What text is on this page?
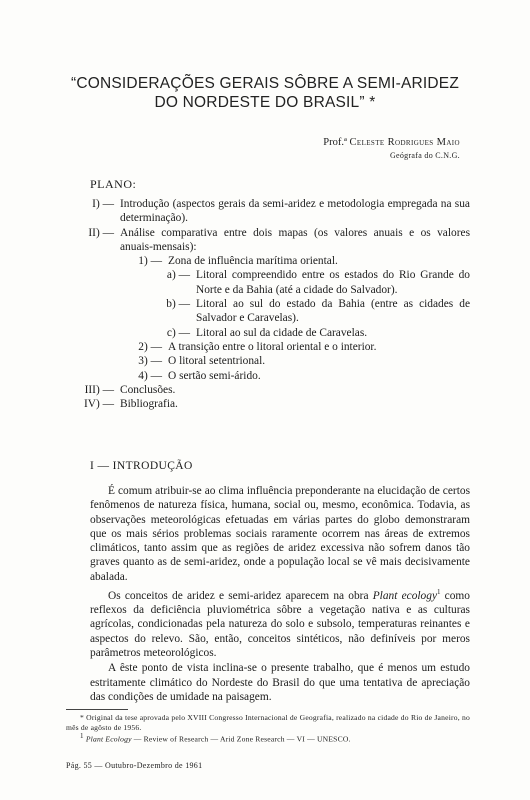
“CONSIDERAÇÕES GERAIS SÔBRE A SEMI-ARIDEZ
DO NORDESTE DO BRASIL” *
Prof.ª Celeste Rodrigues Maio
Geógrafa do C.N.G.
PLANO:
I) — Introdução (aspectos gerais da semi-aridez e metodologia empregada na sua determinação).
II) — Análise comparativa entre dois mapas (os valores anuais e os valores anuais-mensais):
1) — Zona de influência marítima oriental.
a) — Litoral compreendido entre os estados do Rio Grande do Norte e da Bahia (até a cidade do Salvador).
b) — Litoral ao sul do estado da Bahia (entre as cidades de Salvador e Caravelas).
c) — Litoral ao sul da cidade de Caravelas.
2) — A transição entre o litoral oriental e o interior.
3) — O litoral setentrional.
4) — O sertão semi-árido.
III) — Conclusões.
IV) — Bibliografia.
I — INTRODUÇÃO

É comum atribuir-se ao clima influência preponderante na elucidação de certos fenômenos de natureza física, humana, social ou, mesmo, econômica. Todavia, as observações meteorológicas efetuadas em várias partes do globo demonstraram que os mais sérios problemas sociais raramente ocorrem nas áreas de extremos climáticos, tanto assim que as regiões de aridez excessiva não sofrem danos tão graves quanto as de semi-aridez, onde a população local se vê mais decisivamente abalada.

Os conceitos de aridez e semi-aridez aparecem na obra Plant ecology$^1$ como reflexos da deficiência pluviométrica sôbre a vegetação nativa e as culturas agrícolas, condicionadas pela natureza do solo e subsolo, temperaturas reinantes e aspectos do relevo. São, então, conceitos sintéticos, não definíveis por meros parâmetros meteorológicos.

A êste ponto de vista inclina-se o presente trabalho, que é menos um estudo estritamente climático do Nordeste do Brasil do que uma tentativa de apreciação das condições de umidade na paisagem.

* Original da tese aprovada pelo XVIII Congresso Internacional de Geografia, realizado na cidade do Rio de Janeiro, no mês de agôsto de 1956.
$^1$ Plant Ecology — Review of Research — Arid Zone Research — VI — UNESCO.
Pág. 55 — Outubro-Dezembro de 1961
